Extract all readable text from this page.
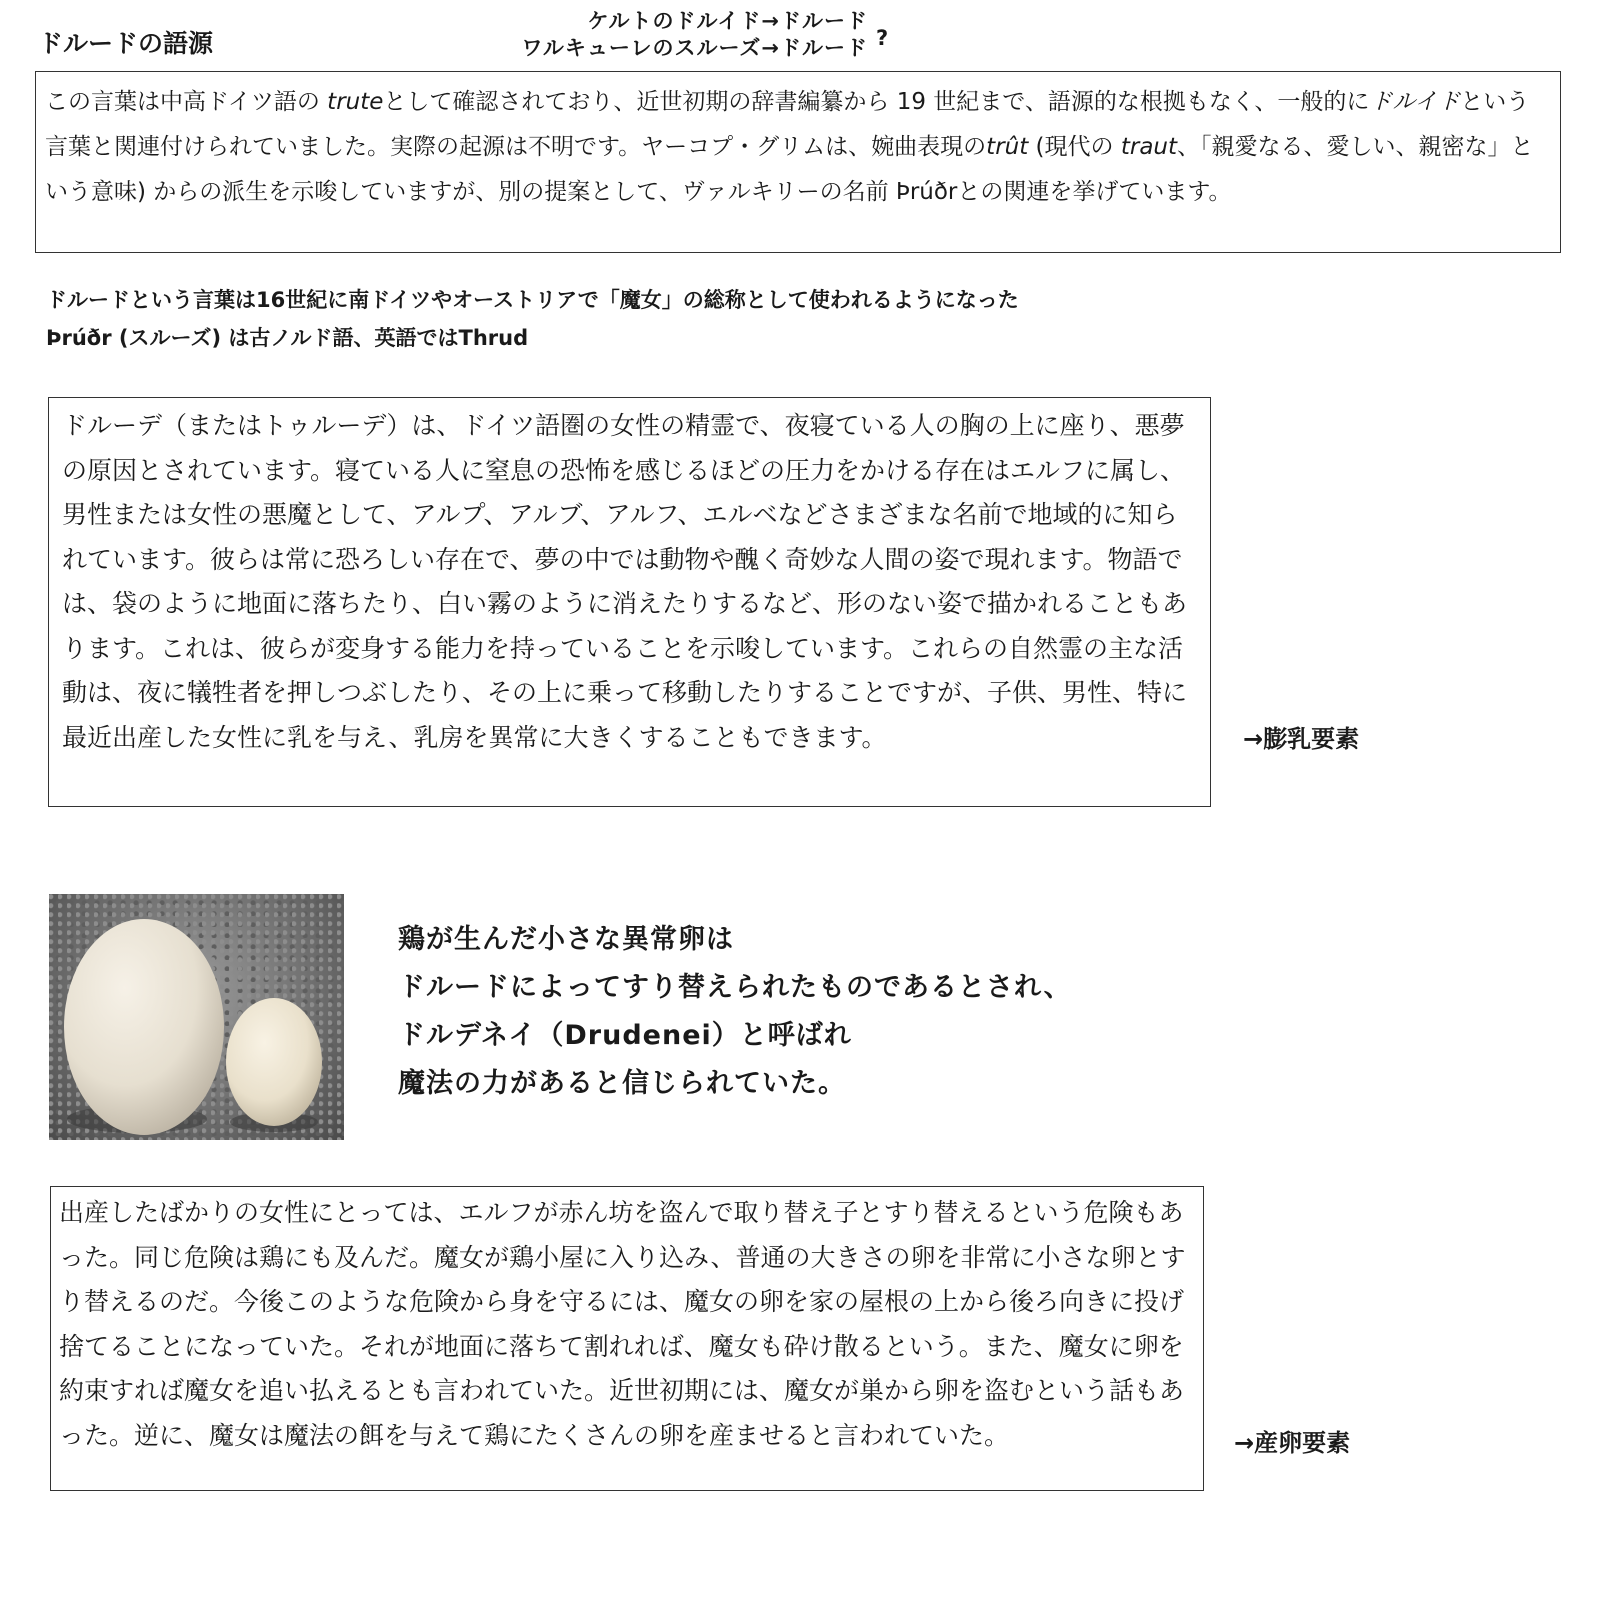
ドルードの語源
ケルトのドルイド→ドルード
ワルキューレのスルーズ→ドルード ?

この言葉は中高ドイツ語の truteとして確認されており、近世初期の辞書編纂から 19 世紀まで、語源的な根拠もなく、一般的にドルイドという言葉と関連付けられていました。実際の起源は不明です。ヤーコプ・グリムは、婉曲表現のtrût (現代の traut、「親愛なる、愛しい、親密な」という意味) からの派生を示唆していますが、別の提案として、ヴァルキリーの名前 Þrúðrとの関連を挙げています。

ドルードという言葉は16世紀に南ドイツやオーストリアで「魔女」の総称として使われるようになった
Þrúðr (スルーズ) は古ノルド語、英語ではThrud

ドルーデ（またはトゥルーデ）は、ドイツ語圏の女性の精霊で、夜寝ている人の胸の上に座り、悪夢の原因とされています。寝ている人に窒息の恐怖を感じるほどの圧力をかける存在はエルフに属し、男性または女性の悪魔として、アルプ、アルブ、アルフ、エルベなどさまざまな名前で地域的に知られています。彼らは常に恐ろしい存在で、夢の中では動物や醜く奇妙な人間の姿で現れます。物語では、袋のように地面に落ちたり、白い霧のように消えたりするなど、形のない姿で描かれることもあります。これは、彼らが変身する能力を持っていることを示唆しています。これらの自然霊の主な活動は、夜に犠牲者を押しつぶしたり、その上に乗って移動したりすることですが、子供、男性、特に最近出産した女性に乳を与え、乳房を異常に大きくすることもできます。	→膨乳要素
鶏が生んだ小さな異常卵は
ドルードによってすり替えられたものであるとされ、
ドルデネイ（Drudenei）と呼ばれ
魔法の力があると信じられていた。

出産したばかりの女性にとっては、エルフが赤ん坊を盗んで取り替え子とすり替えるという危険もあった。同じ危険は鶏にも及んだ。魔女が鶏小屋に入り込み、普通の大きさの卵を非常に小さな卵とすり替えるのだ。今後このような危険から身を守るには、魔女の卵を家の屋根の上から後ろ向きに投げ捨てることになっていた。それが地面に落ちて割れれば、魔女も砕け散るという。また、魔女に卵を約束すれば魔女を追い払えるとも言われていた。近世初期には、魔女が巣から卵を盗むという話もあった。逆に、魔女は魔法の餌を与えて鶏にたくさんの卵を産ませると言われていた。	→産卵要素
